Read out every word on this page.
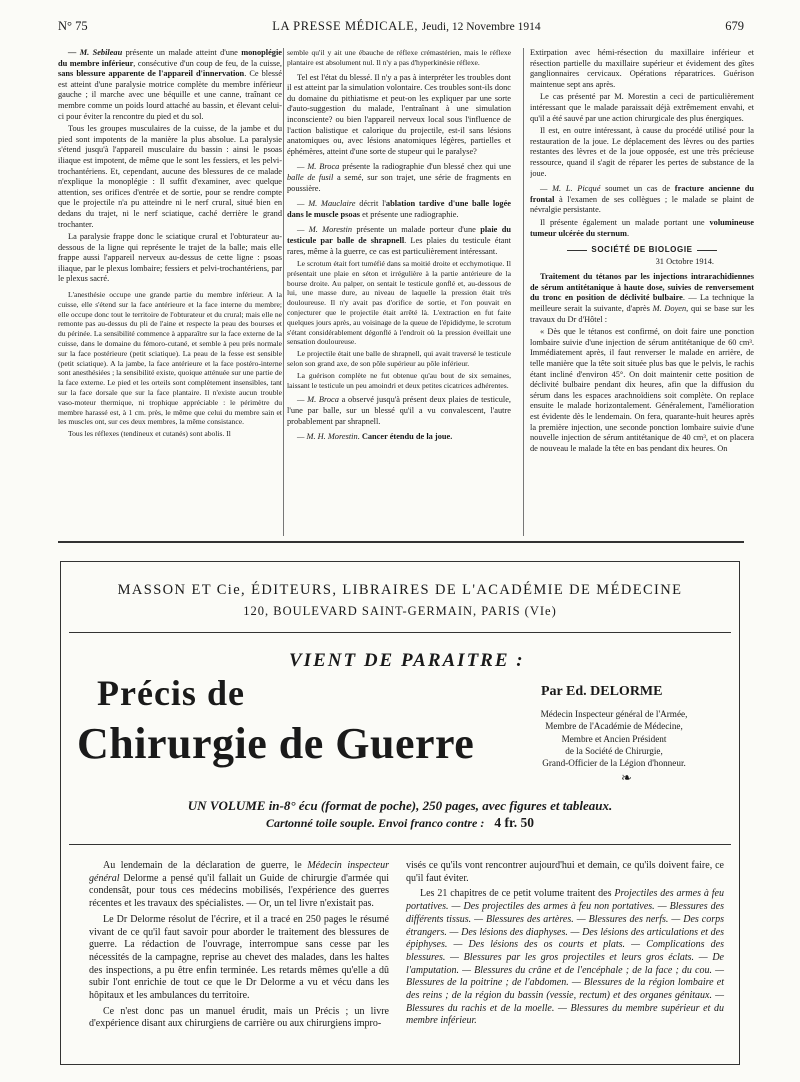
N° 75	LA PRESSE MÉDICALE, Jeudi, 12 Novembre 1914	679

— M. Sebileau présente un malade atteint d'une monoplégie du membre inférieur, consécutive d'un coup de feu, de la cuisse, sans blessure apparente de l'appareil d'innervation. Ce blessé est atteint d'une paralysie motrice complète du membre inférieur gauche ; il marche avec une béquille et une canne, traînant ce membre comme un poids lourd attaché au bassin, et élevant celui-ci pour éviter la rencontre du pied et du sol.

Tous les groupes musculaires de la cuisse, de la jambe et du pied sont impotents de la manière la plus absolue. La paralysie s'étend jusqu'à l'appareil musculaire du bassin : ainsi le psoas iliaque est impotent, de même que le sont les fessiers, et les pelvi-trochantériens. Et, cependant, aucune des blessures de ce malade n'explique la monoplégie : Il suffit d'examiner, avec quelque attention, ses orifices d'entrée et de sortie, pour se rendre compte que le projectile n'a pu atteindre ni le nerf crural, situé bien en dedans du trajet, ni le nerf sciatique, caché derrière le grand trochanter.

La paralysie frappe donc le sciatique crural et l'obturateur au-dessous de la ligne qui représente le trajet de la balle; mais elle frappe aussi l'appareil nerveux au-dessus de cette ligne : psoas iliaque, par le plexus lombaire; fessiers et pelvi-trochantériens, par le plexus sacré.

L'anesthésie occupe une grande partie du membre inférieur. A la cuisse, elle s'étend sur la face antérieure et la face interne du membre; elle occupe donc tout le territoire de l'obturateur et du crural; mais elle ne remonte pas au-dessus du pli de l'aine et respecte la peau des bourses et du périnée. La sensibilité commence à apparaître sur la face externe de la cuisse, dans le domaine du fémoro-cutané, et semble à peu près normale sur la face postérieure (petit sciatique). La peau de la fesse est sensible (petit sciatique). A la jambe, la face antérieure et la face postéro-interne sont anesthésiées ; la sensibilité existe, quoique atténuée sur une partie de la face externe. Le pied et les orteils sont complètement insensibles, tant sur la face dorsale que sur la face plantaire. Il n'existe aucun trouble vaso-moteur thermique, ni trophique appréciable : le périmètre du membre harassé est, à 1 cm. près, le même que celui du membre sain et les muscles ont, sur ces deux membres, la même consistance.

Tous les réflexes (tendineux et cutanés) sont abolis. Il

semble qu'il y ait une ébauche de réflexe crémastérien, mais le réflexe plantaire est absolument nul. Il n'y a pas d'hyperkinésie réflexe.

Tel est l'état du blessé. Il n'y a pas à interpréter les troubles dont il est atteint par la simulation volontaire. Ces troubles sont-ils donc du domaine du pithiatisme et peut-on les expliquer par une sorte d'auto-suggestion du malade, l'entraînant à une simulation inconsciente? ou bien l'appareil nerveux local sous l'influence de l'action balistique et calorique du projectile, est-il sans lésions anatomiques ou, avec lésions anatomiques légères, partielles et éphémères, atteint d'une sorte de stupeur qui le paralyse?

— M. Broca présente la radiographie d'un blessé chez qui une balle de fusil a semé, sur son trajet, une série de fragments en poussière.

— M. Mauclaire décrit l'ablation tardive d'une balle logée dans le muscle psoas et présente une radiographie.

— M. Morestin présente un malade porteur d'une plaie du testicule par balle de shrapnell. Les plaies du testicule étant rares, même à la guerre, ce cas est particulièrement intéressant.

Le scrotum était fort tuméfié dans sa moitié droite et ecchymotique. Il présentait une plaie en séton et irrégulière à la partie antérieure de la bourse droite. Au palper, on sentait le testicule gonflé et, au-dessous de lui, une masse dure, au niveau de laquelle la pression était très douloureuse. Il n'y avait pas d'orifice de sortie, et l'on pouvait en conjecturer que le projectile était arrêté là. L'extraction en fut faite quelques jours après, au voisinage de la queue de l'épididyme, le scrotum s'étant considérablement dégonflé à l'endroit où la pression éveillait une sensation douloureuse.

Le projectile était une balle de shrapnell, qui avait traversé le testicule selon son grand axe, de son pôle supérieur au pôle inférieur.

La guérison complète ne fut obtenue qu'au bout de six semaines, laissant le testicule un peu amoindri et deux petites cicatrices adhérentes.

— M. Broca a observé jusqu'à présent deux plaies de testicule, l'une par balle, sur un blessé qu'il a vu convalescent, l'autre probablement par shrapnell.

— M. H. Morestin. Cancer étendu de la joue.

Extirpation avec hémi-résection du maxillaire inférieur et résection partielle du maxillaire supérieur et évidement des gîtes ganglionnaires cervicaux. Opérations réparatrices. Guérison maintenue sept ans après.

Le cas présenté par M. Morestin a ceci de particulièrement intéressant que le malade paraissait déjà extrêmement envahi, et qu'il a été sauvé par une action chirurgicale des plus énergiques.

Il est, en outre intéressant, à cause du procédé utilisé pour la restauration de la joue. Le déplacement des lèvres ou des parties restantes des lèvres et de la joue opposée, est une très précieuse ressource, quand il s'agit de réparer les pertes de substance de la joue.

— M. L. Picqué soumet un cas de fracture ancienne du frontal à l'examen de ses collègues ; le malade se plaint de névralgie persistante.

Il présente également un malade portant une volumineuse tumeur ulcérée du sternum.

SOCIÉTÉ DE BIOLOGIE
31 Octobre 1914.

Traitement du tétanos par les injections intrarachidiennes de sérum antitétanique à haute dose, suivies de renversement du tronc en position de déclivité bulbaire. — La technique la meilleure serait la suivante, d'après M. Doyen, qui se base sur les travaux du Dr d'Hôtel :

« Dès que le tétanos est confirmé, on doit faire une ponction lombaire suivie d'une injection de sérum antitétanique de 60 cm³. Immédiatement après, il faut renverser le malade en arrière, de telle manière que la tête soit située plus bas que le pelvis, le rachis étant incliné d'environ 45°. On doit maintenir cette position de déclivité bulbaire pendant dix heures, afin que la diffusion du sérum dans les espaces arachnoïdiens soit complète. On replace ensuite le malade horizontalement. Généralement, l'amélioration est évidente dès le lendemain. On fera, quarante-huit heures après la première injection, une seconde ponction lombaire suivie d'une nouvelle injection de sérum antitétanique de 40 cm³, et on placera de nouveau le malade la tête en bas pendant dix heures. On

MASSON ET Cie, ÉDITEURS, LIBRAIRES DE L'ACADÉMIE DE MÉDECINE
120, BOULEVARD SAINT-GERMAIN, PARIS (VIe)
VIENT DE PARAITRE :
Précis de
Chirurgie de Guerre
Par Ed. DELORME
Médecin Inspecteur général de l'Armée,
Membre de l'Académie de Médecine,
Membre et Ancien Président
de la Société de Chirurgie,
Grand-Officier de la Légion d'honneur.
❧
UN VOLUME in-8° écu (format de poche), 250 pages, avec figures et tableaux.
Cartonné toile souple. Envoi franco contre : 4 fr. 50

Au lendemain de la déclaration de guerre, le Médecin inspecteur général Delorme a pensé qu'il fallait un Guide de chirurgie d'armée qui condensât, pour tous ces médecins mobilisés, l'expérience des guerres récentes et les travaux des spécialistes. — Or, un tel livre n'existait pas.

Le Dr Delorme résolut de l'écrire, et il a tracé en 250 pages le résumé vivant de ce qu'il faut savoir pour aborder le traitement des blessures de guerre. La rédaction de l'ouvrage, interrompue sans cesse par les nécessités de la campagne, reprise au chevet des malades, dans les haltes des inspections, a pu être enfin terminée. Les retards mêmes qu'elle a dû subir l'ont enrichie de tout ce que le Dr Delorme a vu et vécu dans les hôpitaux et les ambulances du territoire.

Ce n'est donc pas un manuel érudit, mais un Précis ; un livre d'expérience disant aux chirurgiens de carrière ou aux chirurgiens impro-

visés ce qu'ils vont rencontrer aujourd'hui et demain, ce qu'ils doivent faire, ce qu'il faut éviter.

Les 21 chapitres de ce petit volume traitent des Projectiles des armes à feu portatives. — Des projectiles des armes à feu non portatives. — Blessures des différents tissus. — Blessures des artères. — Blessures des nerfs. — Des corps étrangers. — Des lésions des diaphyses. — Des lésions des articulations et des épiphyses. — Des lésions des os courts et plats. — Complications des blessures. — Blessures par les gros projectiles et leurs gros éclats. — De l'amputation. — Blessures du crâne et de l'encéphale ; de la face ; du cou. — Blessures de la poitrine ; de l'abdomen. — Blessures de la région lombaire et des reins ; de la région du bassin (vessie, rectum) et des organes génitaux. — Blessures du rachis et de la moelle. — Blessures du membre supérieur et du membre inférieur.
